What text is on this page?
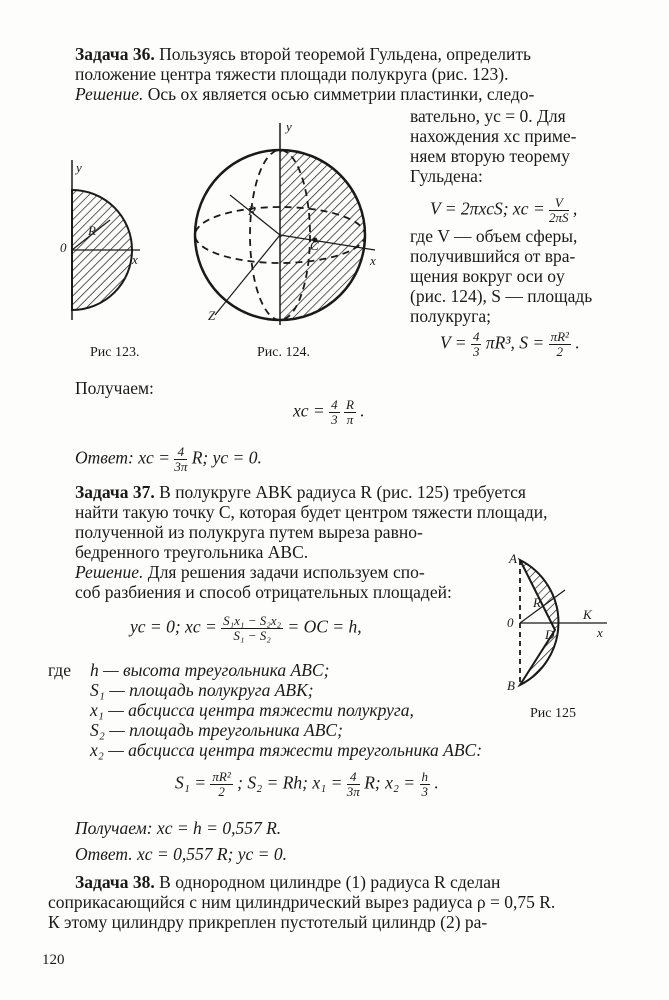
Задача 36. Пользуясь второй теоремой Гульдена, определить
положение центра тяжести площади полукруга (рис. 123).
Решение. Ось ox является осью симметрии пластинки, следо-
вательно, yс = 0. Для
нахождения xс приме-
няем вторую теорему
Гульдена:
V = 2πxсS; xс = $\frac{V}{2\pi S}$ ,
где V — объем сферы,
получившийся от вра-
щения вокруг оси oy
(рис. 124), S — площадь
полукруга;
$V = \frac{4}{3} \pi R^3$, $S = \frac{\text{πR²}}{2}$ .
y
x
0
R
Рис 123.
y
x
Z
R
C
Рис. 124.
Получаем:
xс = $\frac{4}{3}$
$\frac{R}{\pi}$ .
Ответ: xс = $\frac{4}{3\pi} R$; yс = 0.
Задача 37. В полукруге ABK радиуса R (рис. 125) требуется
найти такую точку C, которая будет центром тяжести площади,
полученной из полукруга путем выреза равно-
бедренного треугольника ABC.
Решение. Для решения задачи используем спо-
соб разбиения и способ отрицательных площадей:
yс = 0; xс = $\frac{\text{S₁x₁ − S₂x₂}}{\text{S₁ − S₂}}$ = OC = h,
где h — высота треугольника ABC;
S₁ — площадь полукруга ABK;
x₁ — абсцисса центра тяжести полукруга,
S₂ — площадь треугольника ABC;
x₂ — абсцисса центра тяжести треугольника ABC:
$S_1 = \frac{\text{πR²}}{2}$ ; S₂ = Rh; $x_1 = \frac{4}{3\pi} R$; $x_2 = \frac{h}{3}$ .
Получаем: xс = h = 0,557 R.
Ответ. xс = 0,557 R; yс = 0.
A
B
K
0
D
R
x
Рис 125
Задача 38. В однородном цилиндре (1) радиуса R сделан
соприкасающийся с ним цилиндрический вырез радиуса ρ = 0,75 R.
К этому цилиндру прикреплен пустотелый цилиндр (2) ра-
120
